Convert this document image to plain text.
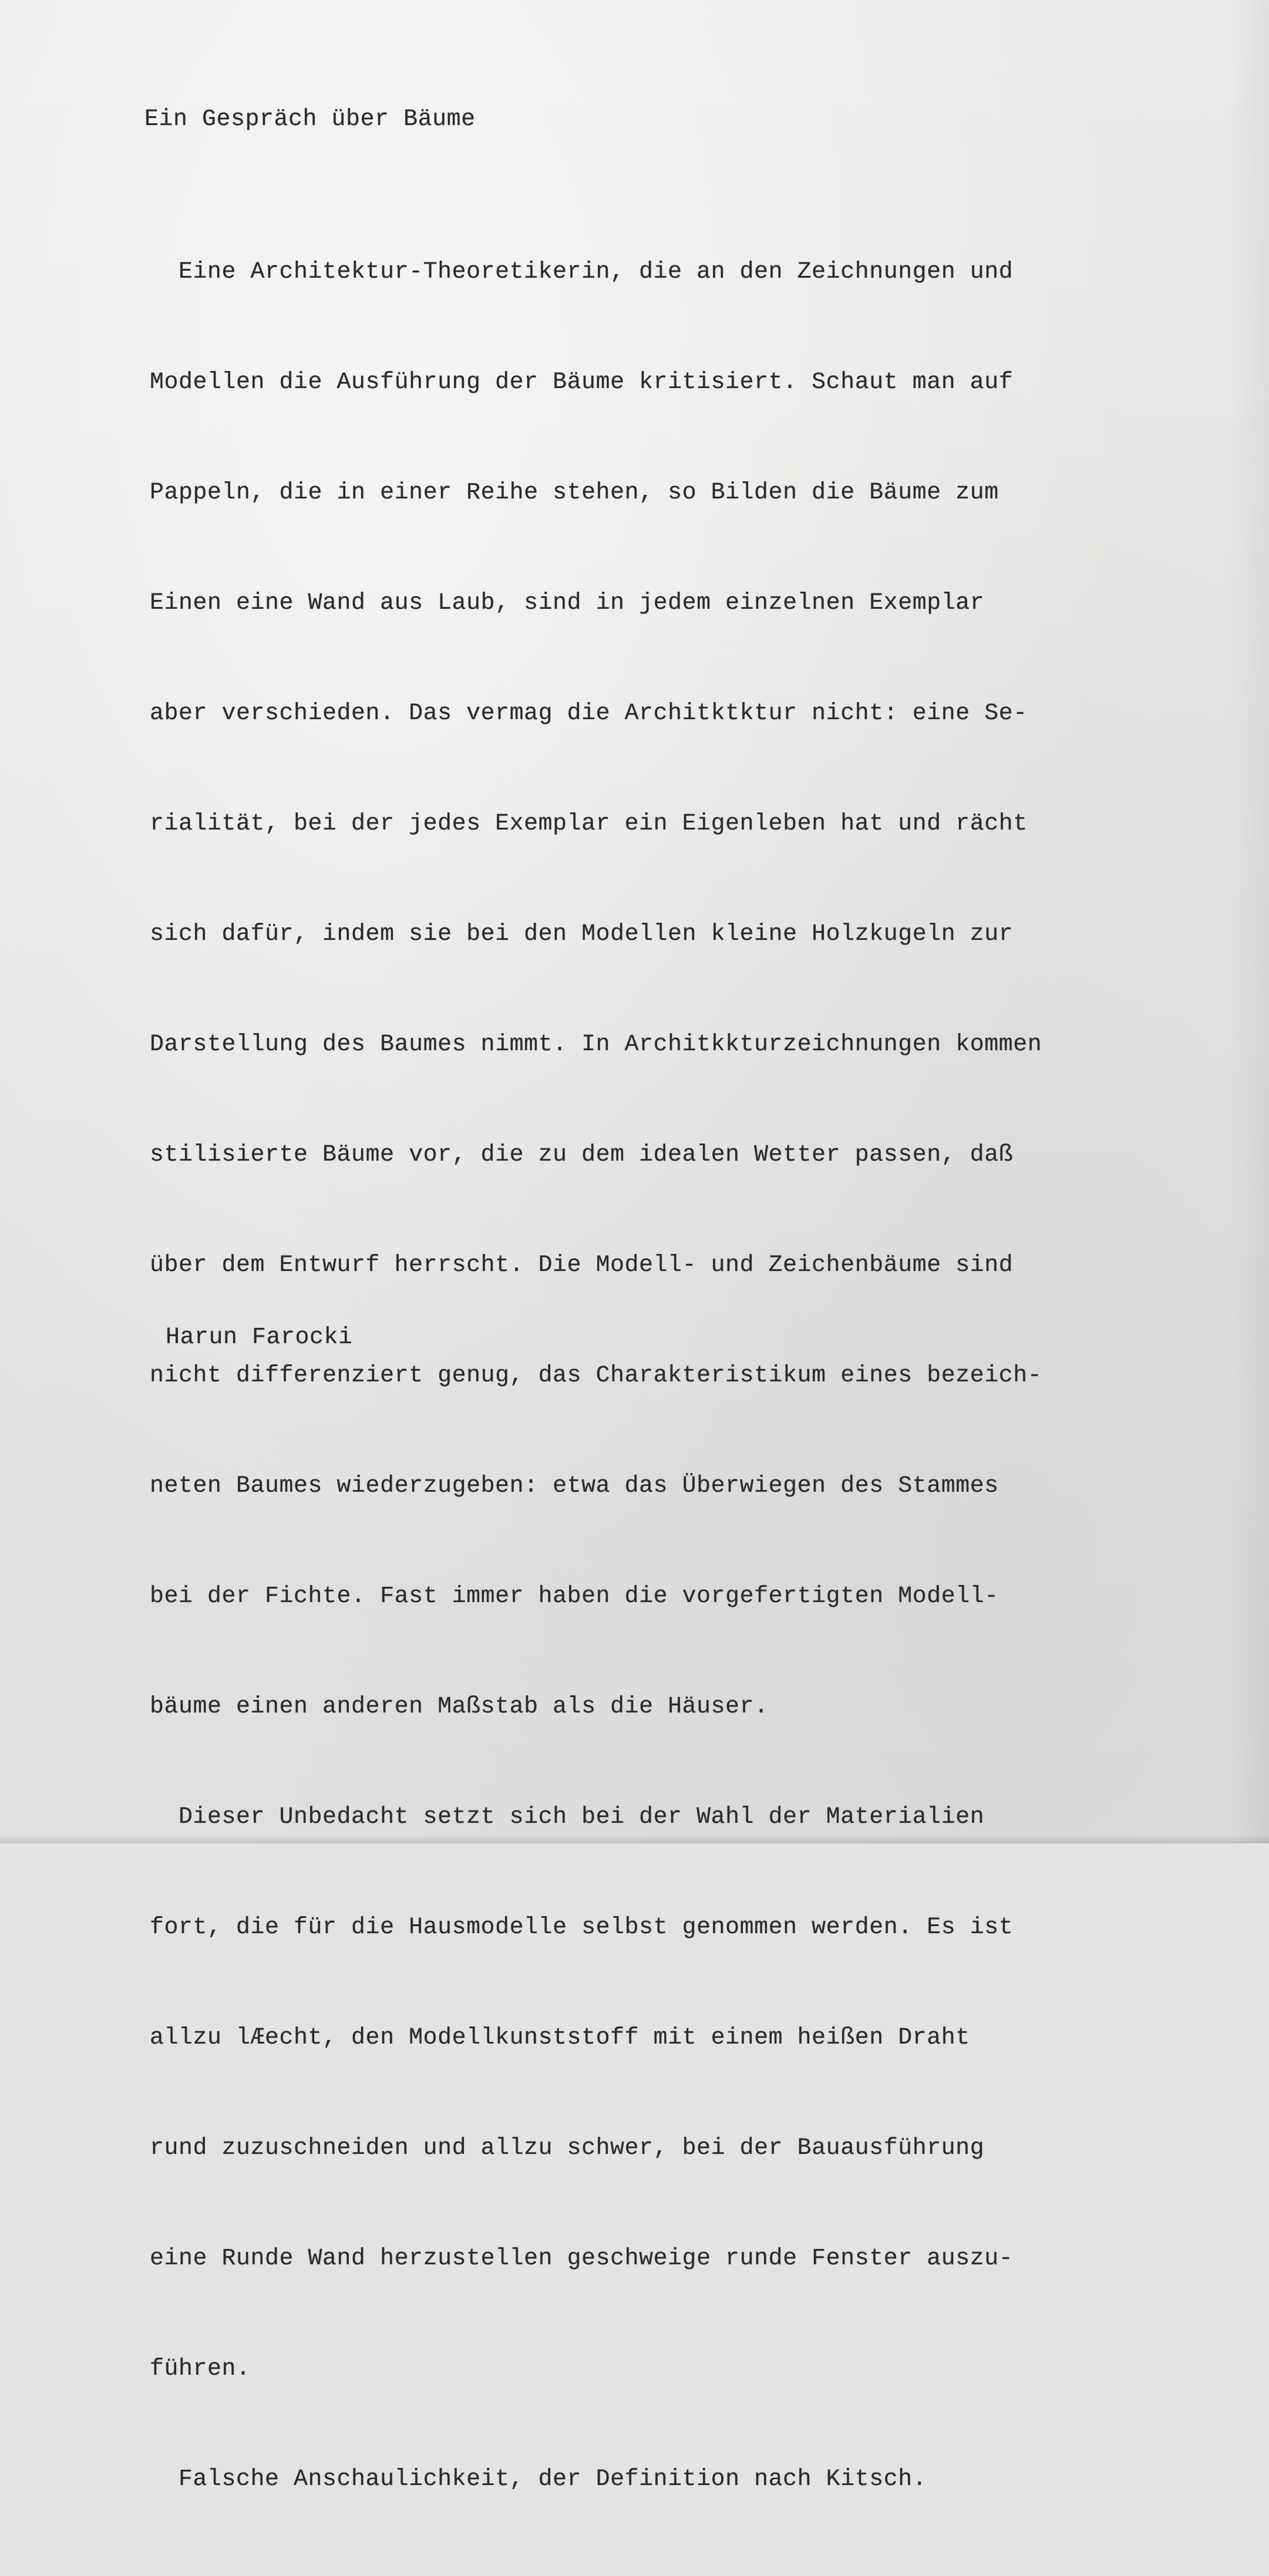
Ein Gespräch über Bäume

Eine Architektur-Theoretikerin, die an den Zeichnungen und

Modellen die Ausführung der Bäume kritisiert. Schaut man auf

Pappeln, die in einer Reihe stehen, so Bilden die Bäume zum

Einen eine Wand aus Laub, sind in jedem einzelnen Exemplar

aber verschieden. Das vermag die Architktktur nicht: eine Se-

rialität, bei der jedes Exemplar ein Eigenleben hat und rächt

sich dafür, indem sie bei den Modellen kleine Holzkugeln zur

Darstellung des Baumes nimmt. In Architkkturzeichnungen kommen

stilisierte Bäume vor, die zu dem idealen Wetter passen, daß

über dem Entwurf herrscht. Die Modell- und Zeichenbäume sind

nicht differenziert genug, das Charakteristikum eines bezeich-

neten Baumes wiederzugeben: etwa das Überwiegen des Stammes

bei der Fichte. Fast immer haben die vorgefertigten Modell-

bäume einen anderen Maßstab als die Häuser.

Dieser Unbedacht setzt sich bei der Wahl der Materialien

fort, die für die Hausmodelle selbst genommen werden. Es ist

allzu lÆecht, den Modellkunststoff mit einem heißen Draht

rund zuzuschneiden und allzu schwer, bei der Bauausführung

eine Runde Wand herzustellen geschweige runde Fenster auszu-

führen.

Falsche Anschaulichkeit, der Definition nach Kitsch.

Harun Farocki
